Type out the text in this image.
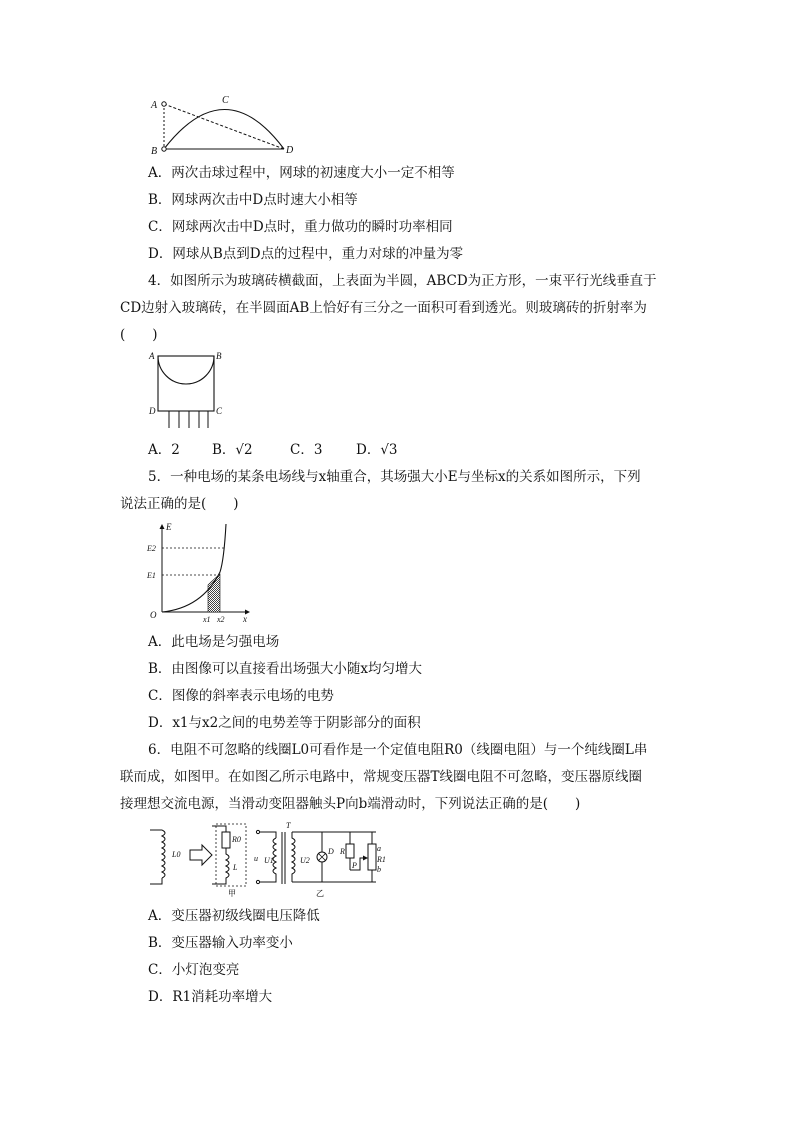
A
B
C
D
A．两次击球过程中，网球的初速度大小一定不相等
B．网球两次击中D点时速大小相等
C．网球两次击中D点时，重力做功的瞬时功率相同
D．网球从B点到D点的过程中，重力对球的冲量为零
4．如图所示为玻璃砖横截面，上表面为半圆，ABCD为正方形，一束平行光线垂直于
CD边射入玻璃砖，在半圆面AB上恰好有三分之一面积可看到透光。则玻璃砖的折射率为
(　　)
A	B
D	C
A．2 B．√2	C．3 D．√3
5．一种电场的某条电场线与x轴重合，其场强大小E与坐标x的关系如图所示，下列
说法正确的是(　　)
E
x
O
E2
E1
x1 x2
A．此电场是匀强电场
B．由图像可以直接看出场强大小随x均匀增大
C．图像的斜率表示电场的电势
D．x1与x2之间的电势差等于阴影部分的面积
6．电阻不可忽略的线圈L0可看作是一个定值电阻R0（线圈电阻）与一个纯线圈L串
联而成，如图甲。在如图乙所示电路中，常规变压器T线圈电阻不可忽略，变压器原线圈
接理想交流电源，当滑动变阻器触头P向b端滑动时，下列说法正确的是(　　)
L0
R0
L
甲
u U1
T
U2
D R
P
a
b
R1
乙
A．变压器初级线圈电压降低
B．变压器输入功率变小
C．小灯泡变亮
D．R1消耗功率增大
